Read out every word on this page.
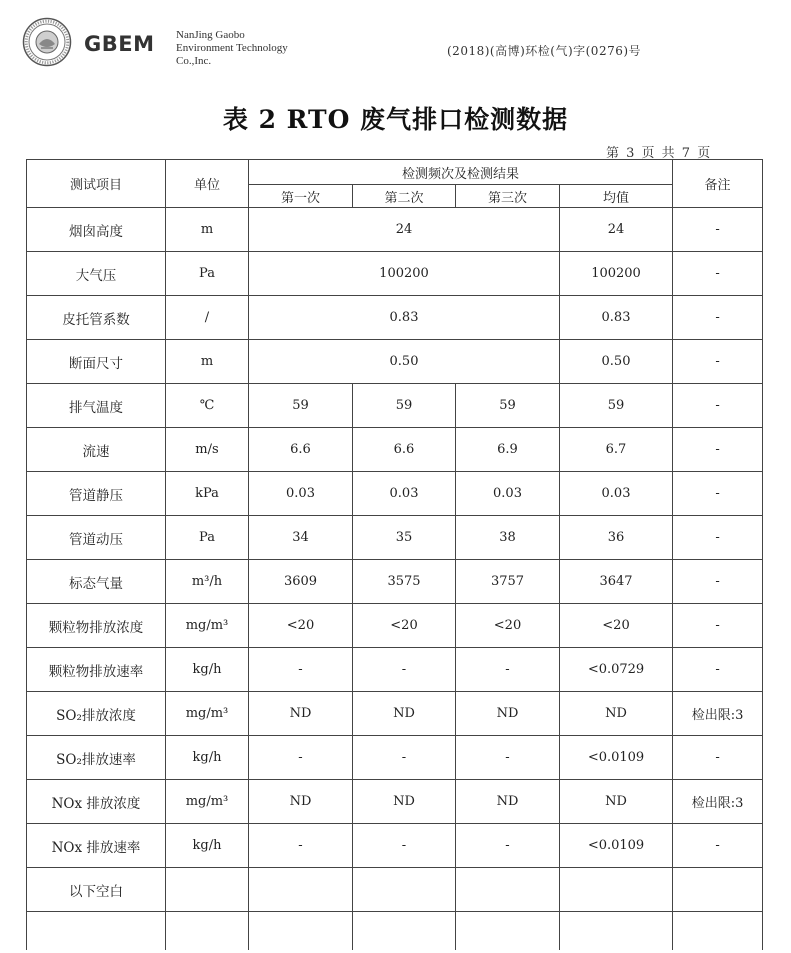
GBEM NanJing Gaobo
Environment Technology
Co.,Inc.
(2018)(高博)环检(气)字(0276)号
表 2 RTO 废气排口检测数据
第 3 页 共 7 页
测试项目	单位	检测频次及检测结果				备注
		第一次	第二次	第三次	均值	
烟囱高度	m	24			24	-
大气压	Pa	100200			100200	-
皮托管系数	/	0.83			0.83	-
断面尺寸	m	0.50			0.50	-
排气温度	℃	59	59	59	59	-
流速	m/s	6.6	6.6	6.9	6.7	-
管道静压	kPa	0.03	0.03	0.03	0.03	-
管道动压	Pa	34	35	38	36	-
标态气量	m³/h	3609	3575	3757	3647	-
颗粒物排放浓度	mg/m³	<20	<20	<20	<20	-
颗粒物排放速率	kg/h	-	-	-	<0.0729	-
SO₂排放浓度	mg/m³	ND	ND	ND	ND	检出限:3
SO₂排放速率	kg/h	-	-	-	<0.0109	-
NOx 排放浓度	mg/m³	ND	ND	ND	ND	检出限:3
NOx 排放速率	kg/h	-	-	-	<0.0109	-
以下空白						
